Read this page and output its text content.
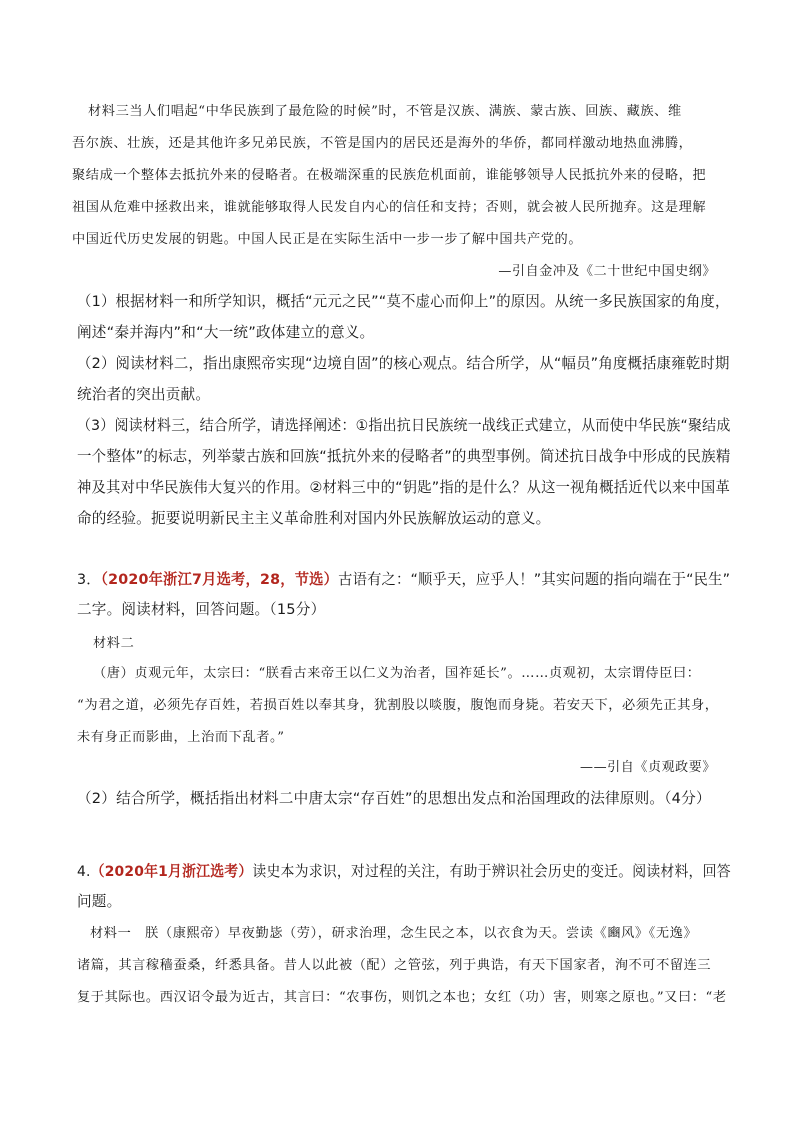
材料三当人们唱起“中华民族到了最危险的时候”时，不管是汉族、满族、蒙古族、回族、藏族、维
吾尔族、壮族，还是其他许多兄弟民族，不管是国内的居民还是海外的华侨，都同样激动地热血沸腾，
聚结成一个整体去抵抗外来的侵略者。在极端深重的民族危机面前，谁能够领导人民抵抗外来的侵略，把
祖国从危难中拯救出来，谁就能够取得人民发自内心的信任和支持；否则，就会被人民所抛弃。这是理解
中国近代历史发展的钥匙。中国人民正是在实际生活中一步一步了解中国共产党的。
—引自金冲及《二十世纪中国史纲》
（1）根据材料一和所学知识，概括“元元之民”“莫不虚心而仰上”的原因。从统一多民族国家的角度，
阐述“秦并海内”和“大一统”政体建立的意义。
（2）阅读材料二，指出康熙帝实现“边境自固”的核心观点。结合所学，从“幅员”角度概括康雍乾时期
统治者的突出贡献。
（3）阅读材料三，结合所学，请选择阐述：①指出抗日民族统一战线正式建立，从而使中华民族“聚结成
一个整体”的标志，列举蒙古族和回族“抵抗外来的侵略者”的典型事例。简述抗日战争中形成的民族精
神及其对中华民族伟大复兴的作用。②材料三中的“钥匙”指的是什么？从这一视角概括近代以来中国革
命的经验。扼要说明新民主主义革命胜利对国内外民族解放运动的意义。
3．（2020年浙江7月选考，28，节选）古语有之：“顺乎天，应乎人！”其实问题的指向端在于“民生”
二字。阅读材料，回答问题。（15分）
材料二
（唐）贞观元年，太宗曰：“朕看古来帝王以仁义为治者，国祚延长”。……贞观初，太宗谓侍臣曰：
“为君之道，必须先存百姓，若损百姓以奉其身，犹割股以啖腹，腹饱而身毙。若安天下，必须先正其身，
未有身正而影曲，上治而下乱者。”
——引自《贞观政要》
（2）结合所学，概括指出材料二中唐太宗“存百姓”的思想出发点和治国理政的法律原则。（4分）
4.（2020年1月浙江选考）读史本为求识，对过程的关注，有助于辨识社会历史的变迁。阅读材料，回答
问题。
材料一　朕（康熙帝）早夜勤毖（劳），研求治理，念生民之本，以衣食为天。尝读《豳风》《无逸》
诸篇，其言稼穑蚕桑，纤悉具备。昔人以此被（配）之管弦，列于典诰，有天下国家者，洵不可不留连三
复于其际也。西汉诏令最为近古，其言曰：“农事伤，则饥之本也；女红（功）害，则寒之原也。”又曰：“老
